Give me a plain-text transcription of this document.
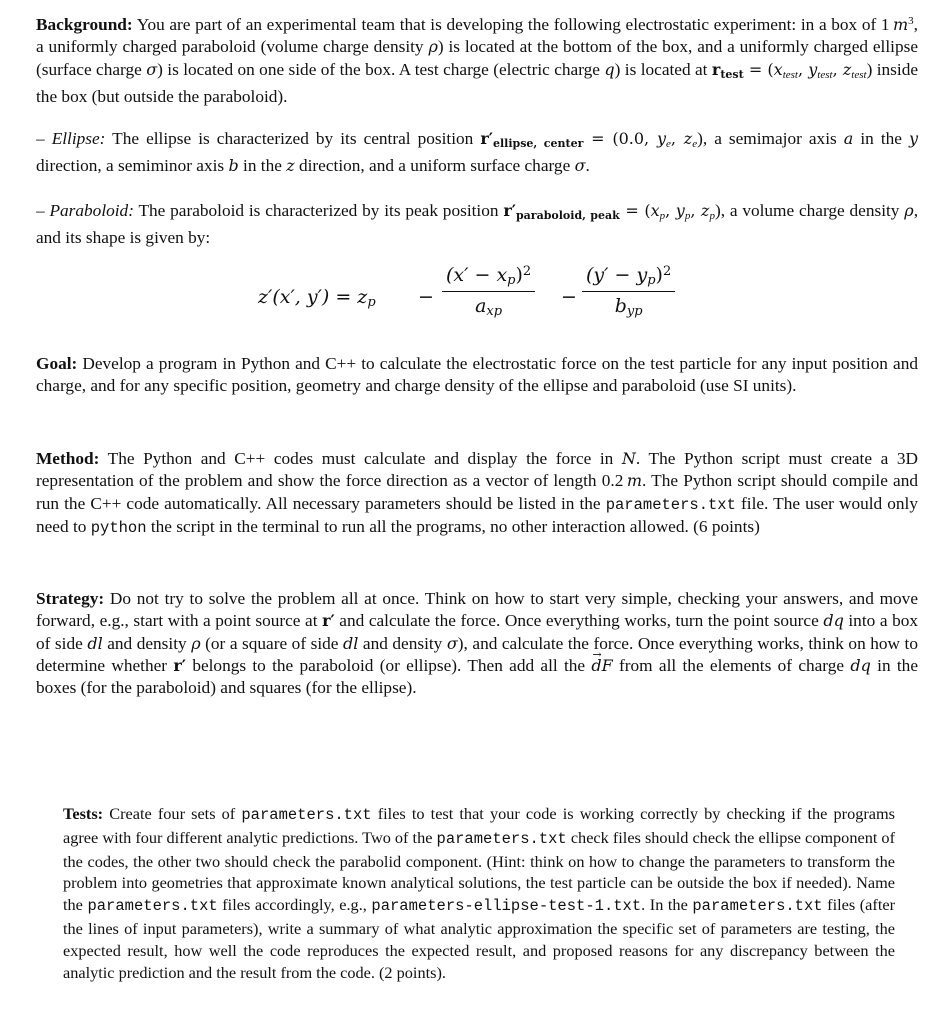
Background: You are part of an experimental team that is developing the following electrostatic experiment: in a box of 1 $m^3$, a uniformly charged paraboloid (volume charge density ρ) is located at the bottom of the box, and a uniformly charged ellipse (surface charge σ) is located on one side of the box. A test charge (electric charge q) is located at $r_{test} = (x_{test}$, $y_{test}$, $z_{test}$) inside the box (but outside the paraboloid).
– Ellipse: The ellipse is characterized by its central position $r'_{ellipse, center} = (0.0$, $y_e$, $z_e$), a semimajor axis a in the y direction, a semiminor axis b in the z direction, and a uniform surface charge σ.
– Paraboloid: The paraboloid is characterized by its peak position $r'_{paraboloid, peak} = (x_p$, $y_p$, $z_p$), a volume charge density ρ, and its shape is given by:
z′(x′, $y') = z_p$ −
$(x' - x_p)^2$
$a_{xp}$
−
$(y' - y_p)^2$
$b_{yp}$
Goal: Develop a program in Python and C++ to calculate the electrostatic force on the test particle for any input position and charge, and for any specific position, geometry and charge density of the ellipse and paraboloid (use SI units).
Method: The Python and C++ codes must calculate and display the force in N. The Python script must create a 3D representation of the problem and show the force direction as a vector of length 0.2 m. The Python script should compile and run the C++ code automatically. All necessary parameters should be listed in the parameters.txt file. The user would only need to python the script in the terminal to run all the programs, no other interaction allowed. (6 points)
Strategy: Do not try to solve the problem all at once. Think on how to start very simple, checking your answers, and move forward, e.g., start with a point source at r′ and calculate the force. Once everything works, turn the point source dq into a box of side dl and density ρ (or a square of side dl and density σ), and calculate the force. Once everything works, think on how to determine whether r′ belongs to the paraboloid (or ellipse). Then add all the → dF from all the elements of charge dq in the boxes (for the paraboloid) and squares (for the ellipse).
Tests: Create four sets of parameters.txt files to test that your code is working correctly by checking if the programs agree with four different analytic predictions. Two of the parameters.txt check files should check the ellipse component of the codes, the other two should check the parabolid component. (Hint: think on how to change the parameters to transform the problem into geometries that approximate known analytical solutions, the test particle can be outside the box if needed). Name the parameters.txt files accordingly, e.g., parameters-ellipse-test-1.txt. In the parameters.txt files (after the lines of input parameters), write a summary of what analytic approximation the specific set of parameters are testing, the expected result, how well the code reproduces the expected result, and proposed reasons for any discrepancy between the analytic prediction and the result from the code. (2 points).
